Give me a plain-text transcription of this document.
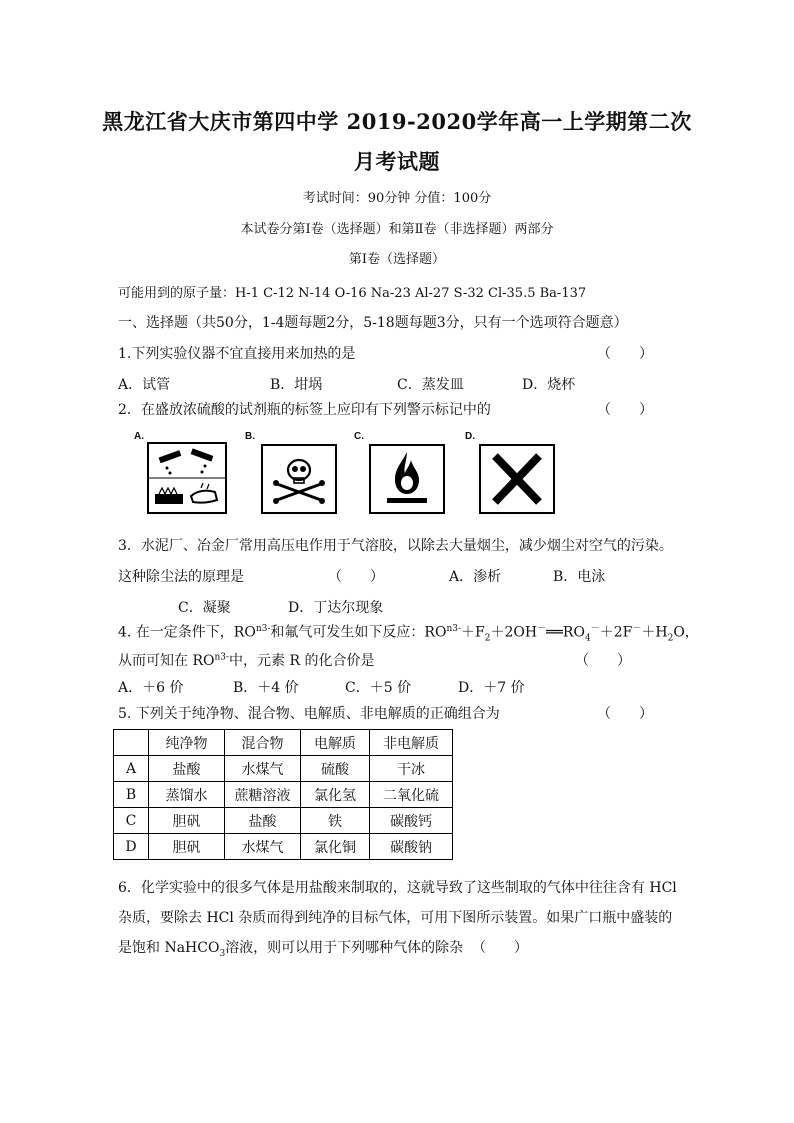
黑龙江省大庆市第四中学 2019-2020学年高一上学期第二次
月考试题
考试时间：90分钟 分值：100分
本试卷分第Ⅰ卷（选择题）和第Ⅱ卷（非选择题）两部分
第Ⅰ卷（选择题）
可能用到的原子量：H-1 C-12 N-14 O-16 Na-23 Al-27 S-32 Cl-35.5 Ba-137
一、选择题（共50分，1-4题每题2分，5-18题每题3分，只有一个选项符合题意）
1.下列实验仪器不宜直接用来加热的是	（　　）
A．试管	B．坩埚	C．蒸发皿	D．烧杯
2．在盛放浓硫酸的试剂瓶的标签上应印有下列警示标记中的	（　　）
A.	B.	C.	D.
3．水泥厂、冶金厂常用高压电作用于气溶胶，以除去大量烟尘，减少烟尘对空气的污染。
这种除尘法的原理是	（　　）	A．渗析	B．电泳
C．凝聚	D．丁达尔现象
4. 在一定条件下，$RO^{n3-}$和氟气可发生如下反应：$RO^{n3-}+F_2+2OH^-══RO_4^-+2F^-+H_2O$，
从而可知在 $RO^{n3-}$中，元素 R 的化合价是	（　　）
A．＋6 价	B．＋4 价	C．＋5 价	D．＋7 价
5. 下列关于纯净物、混合物、电解质、非电解质的正确组合为	（　　）
	纯净物	混合物	电解质	非电解质
A	盐酸	水煤气	硫酸	干冰
B	蒸馏水	蔗糖溶液	氯化氢	二氧化硫
C	胆矾	盐酸	铁	碳酸钙
D	胆矾	水煤气	氯化铜	碳酸钠
6．化学实验中的很多气体是用盐酸来制取的，这就导致了这些制取的气体中往往含有 HCl
杂质，要除去 HCl 杂质而得到纯净的目标气体，可用下图所示装置。如果广口瓶中盛装的
是饱和 NaHCO$_3$溶液，则可以用于下列哪种气体的除杂 （　　）
